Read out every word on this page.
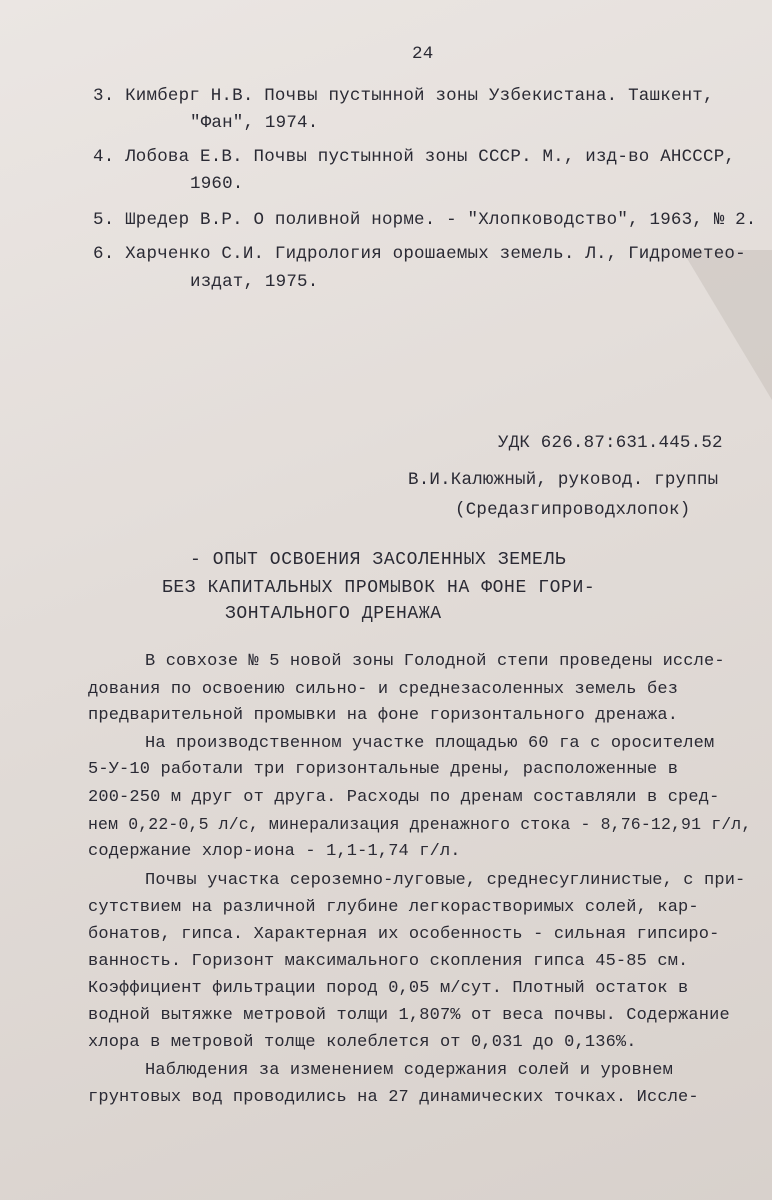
24

3. Кимберг Н.В. Почвы пустынной зоны Узбекистана. Ташкент,

"Фан", 1974.

4. Лобова Е.В. Почвы пустынной зоны СССР. М., изд-во АНСССР,

1960.

5. Шредер В.Р. О поливной норме. - "Хлопководство", 1963, № 2.

6. Харченко С.И. Гидрология орошаемых земель. Л., Гидрометео-

издат, 1975.

УДК 626.87:631.445.52

В.И.Калюжный, руковод. группы

(Средазгипроводхлопок)

- ОПЫТ ОСВОЕНИЯ ЗАСОЛЕННЫХ ЗЕМЕЛЬ

БЕЗ КАПИТАЛЬНЫХ ПРОМЫВОК НА ФОНЕ ГОРИ-

ЗОНТАЛЬНОГО ДРЕНАЖА

В совхозе № 5 новой зоны Голодной степи проведены иссле-

дования по освоению сильно- и среднезасоленных земель без

предварительной промывки на фоне горизонтального дренажа.

На производственном участке площадью 60 га с оросителем

5-У-10 работали три горизонтальные дрены, расположенные в

200-250 м друг от друга. Расходы по дренам составляли в сред-

нем 0,22-0,5 л/с, минерализация дренажного стока - 8,76-12,91 г/л,

содержание хлор-иона - 1,1-1,74 г/л.

Почвы участка сероземно-луговые, среднесуглинистые, с при-

сутствием на различной глубине легкорастворимых солей, кар-

бонатов, гипса. Характерная их особенность - сильная гипсиро-

ванность. Горизонт максимального скопления гипса 45-85 см.

Коэффициент фильтрации пород 0,05 м/сут. Плотный остаток в

водной вытяжке метровой толщи 1,807% от веса почвы. Содержание

хлора в метровой толще колеблется от 0,031 до 0,136%.

Наблюдения за изменением содержания солей и уровнем

грунтовых вод проводились на 27 динамических точках. Иссле-
